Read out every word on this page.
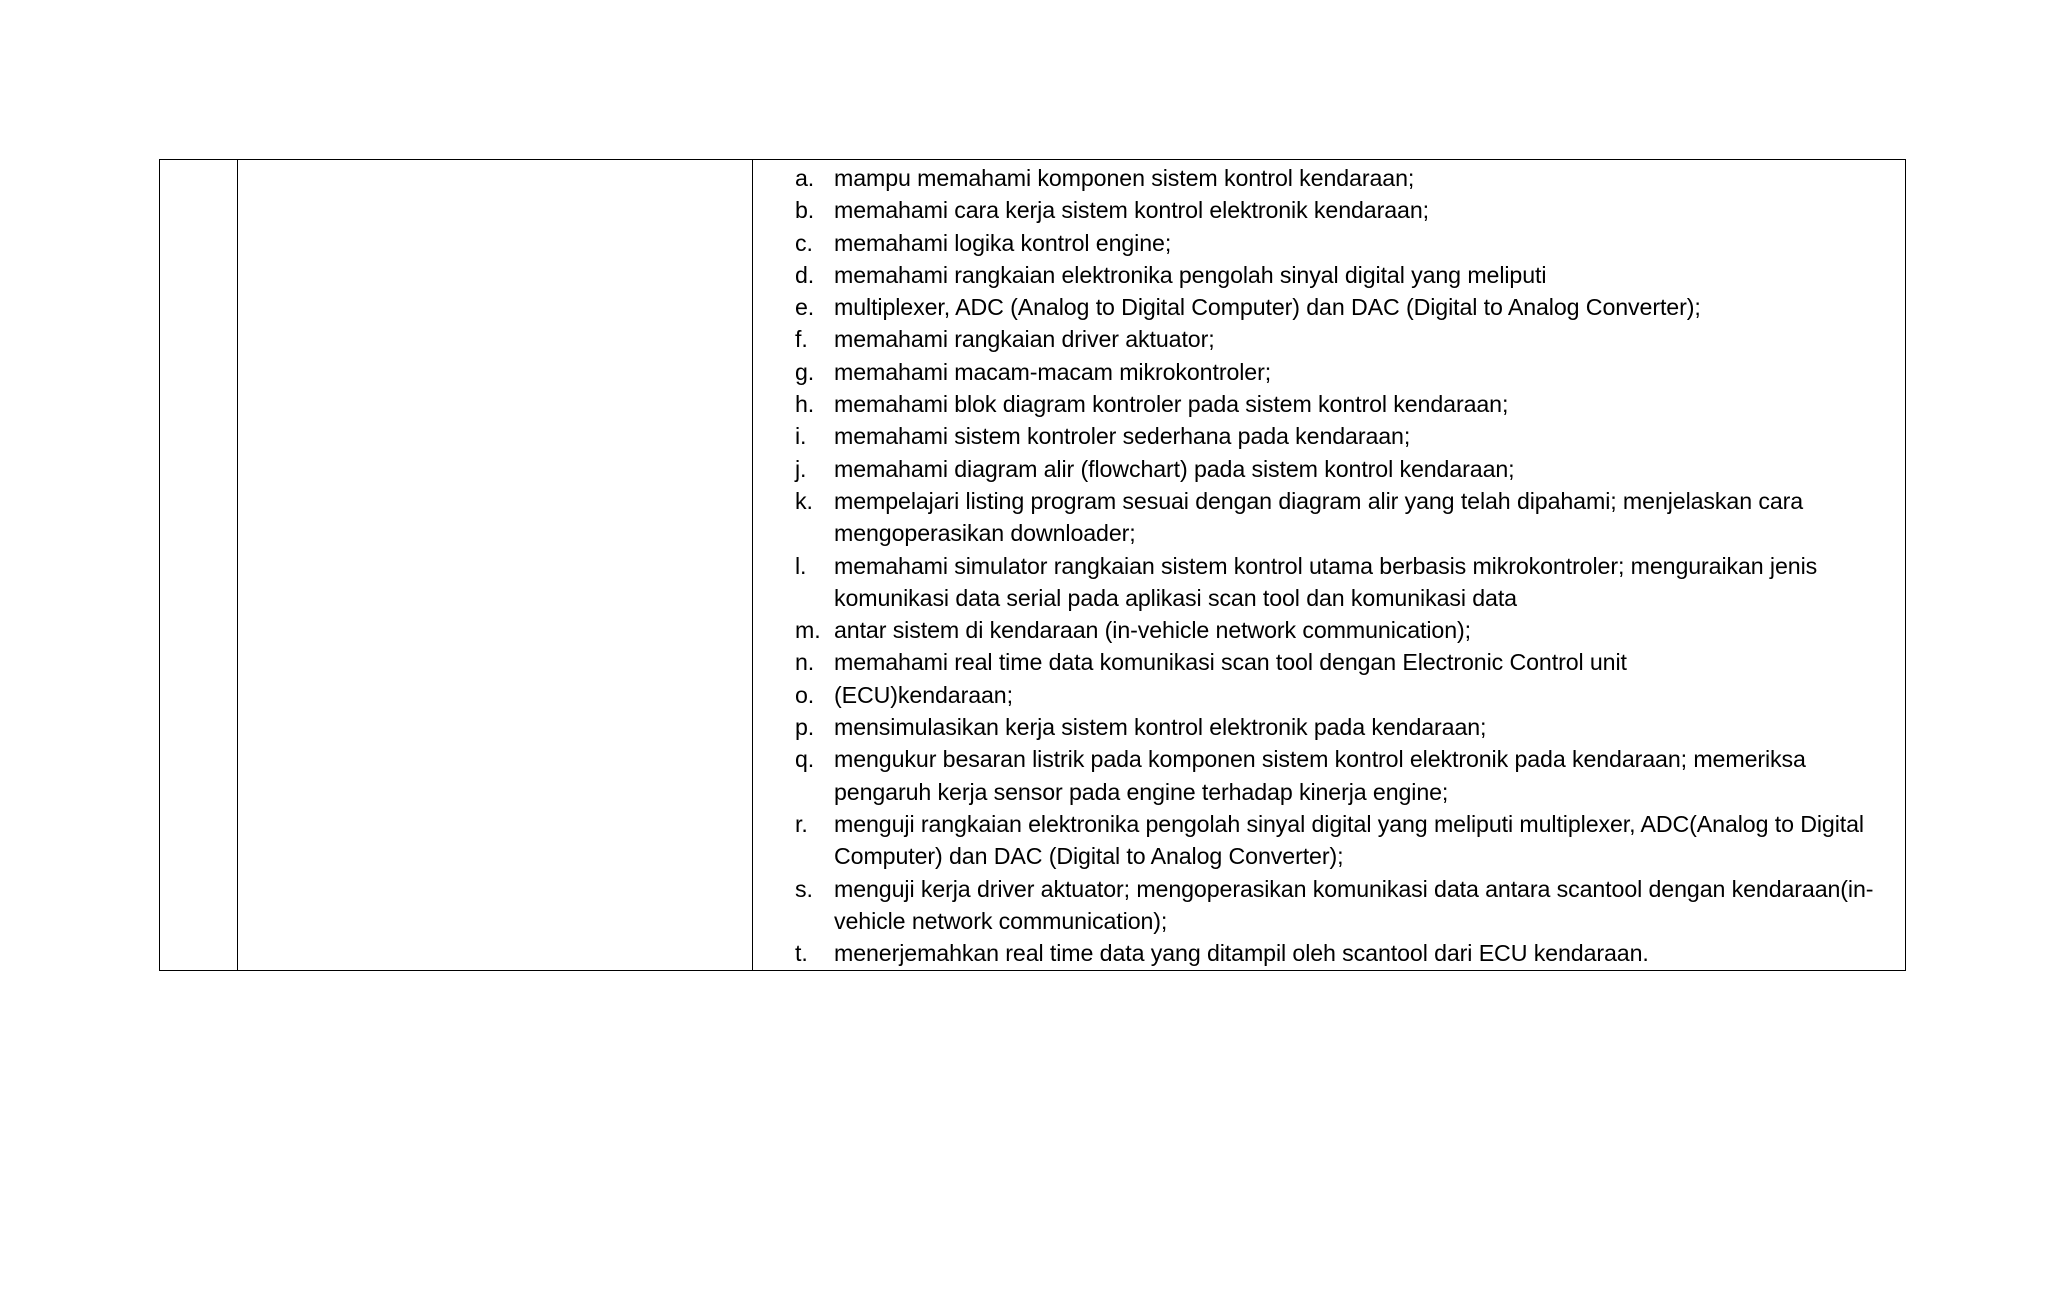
a. mampu memahami komponen sistem kontrol kendaraan;
b. memahami cara kerja sistem kontrol elektronik kendaraan;
c. memahami logika kontrol engine;
d. memahami rangkaian elektronika pengolah sinyal digital yang meliputi
e. multiplexer, ADC (Analog to Digital Computer) dan DAC (Digital to Analog Converter);
f.	memahami rangkaian driver aktuator;
g. memahami macam-macam mikrokontroler;
h. memahami blok diagram kontroler pada sistem kontrol kendaraan;
i.	memahami sistem kontroler sederhana pada kendaraan;
j.	memahami diagram alir (flowchart) pada sistem kontrol kendaraan;
k. mempelajari listing program sesuai dengan diagram alir yang telah dipahami; menjelaskan cara mengoperasikan downloader;
l.	memahami simulator rangkaian sistem kontrol utama berbasis mikrokontroler; menguraikan jenis komunikasi data serial pada aplikasi scan tool dan komunikasi data
m. antar sistem di kendaraan (in-vehicle network communication);
n. memahami real time data komunikasi scan tool dengan Electronic Control unit
o. (ECU)kendaraan;
p. mensimulasikan kerja sistem kontrol elektronik pada kendaraan;
q. mengukur besaran listrik pada komponen sistem kontrol elektronik pada kendaraan; memeriksa pengaruh kerja sensor pada engine terhadap kinerja engine;
r.	menguji rangkaian elektronika pengolah sinyal digital yang meliputi multiplexer, ADC(Analog to Digital Computer) dan DAC (Digital to Analog Converter);
s. menguji kerja driver aktuator; mengoperasikan komunikasi data antara scantool dengan kendaraan(in-vehicle network communication);
t.	menerjemahkan real time data yang ditampil oleh scantool dari ECU kendaraan.
